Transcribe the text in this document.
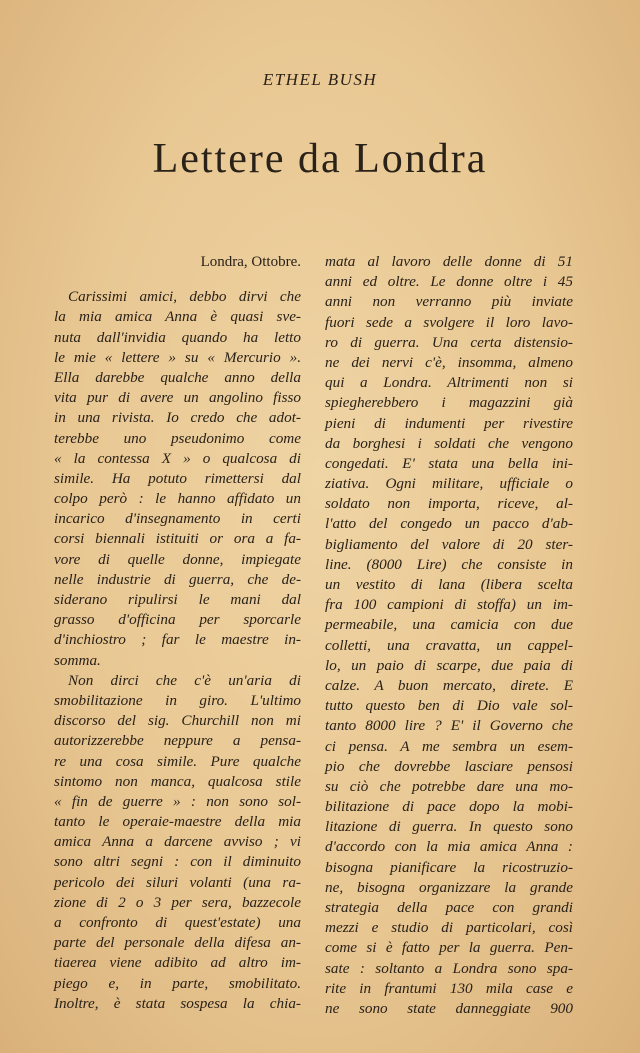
ETHEL BUSH
Lettere da Londra
Londra, Ottobre.
Carissimi amici, debbo dirvi che
la mia amica Anna è quasi sve-
nuta dall'invidia quando ha letto
le mie « lettere » su « Mercurio ».
Ella darebbe qualche anno della
vita pur di avere un angolino fisso
in una rivista. Io credo che adot-
terebbe uno pseudonimo come
« la contessa X » o qualcosa di
simile. Ha potuto rimettersi dal
colpo però : le hanno affidato un
incarico d'insegnamento in certi
corsi biennali istituiti or ora a fa-
vore di quelle donne, impiegate
nelle industrie di guerra, che de-
siderano ripulirsi le mani dal
grasso d'officina per sporcarle
d'inchiostro ; far le maestre in-
somma.
Non dirci che c'è un'aria di
smobilitazione in giro. L'ultimo
discorso del sig. Churchill non mi
autorizzerebbe neppure a pensa-
re una cosa simile. Pure qualche
sintomo non manca, qualcosa stile
« fin de guerre » : non sono sol-
tanto le operaie-maestre della mia
amica Anna a darcene avviso ; vi
sono altri segni : con il diminuito
pericolo dei siluri volanti (una ra-
zione di 2 o 3 per sera, bazzecole
a confronto di quest'estate) una
parte del personale della difesa an-
tiaerea viene adibito ad altro im-
piego e, in parte, smobilitato.
Inoltre, è stata sospesa la chia-
mata al lavoro delle donne di 51
anni ed oltre. Le donne oltre i 45
anni non verranno più inviate
fuori sede a svolgere il loro lavo-
ro di guerra. Una certa distensio-
ne dei nervi c'è, insomma, almeno
qui a Londra. Altrimenti non si
spiegherebbero i magazzini già
pieni di indumenti per rivestire
da borghesi i soldati che vengono
congedati. E' stata una bella ini-
ziativa. Ogni militare, ufficiale o
soldato non importa, riceve, al-
l'atto del congedo un pacco d'ab-
bigliamento del valore di 20 ster-
line. (8000 Lire) che consiste in
un vestito di lana (libera scelta
fra 100 campioni di stoffa) un im-
permeabile, una camicia con due
colletti, una cravatta, un cappel-
lo, un paio di scarpe, due paia di
calze. A buon mercato, direte. E
tutto questo ben di Dio vale sol-
tanto 8000 lire ? E' il Governo che
ci pensa. A me sembra un esem-
pio che dovrebbe lasciare pensosi
su ciò che potrebbe dare una mo-
bilitazione di pace dopo la mobi-
litazione di guerra. In questo sono
d'accordo con la mia amica Anna :
bisogna pianificare la ricostruzio-
ne, bisogna organizzare la grande
strategia della pace con grandi
mezzi e studio di particolari, così
come si è fatto per la guerra. Pen-
sate : soltanto a Londra sono spa-
rite in frantumi 130 mila case e
ne sono state danneggiate 900
